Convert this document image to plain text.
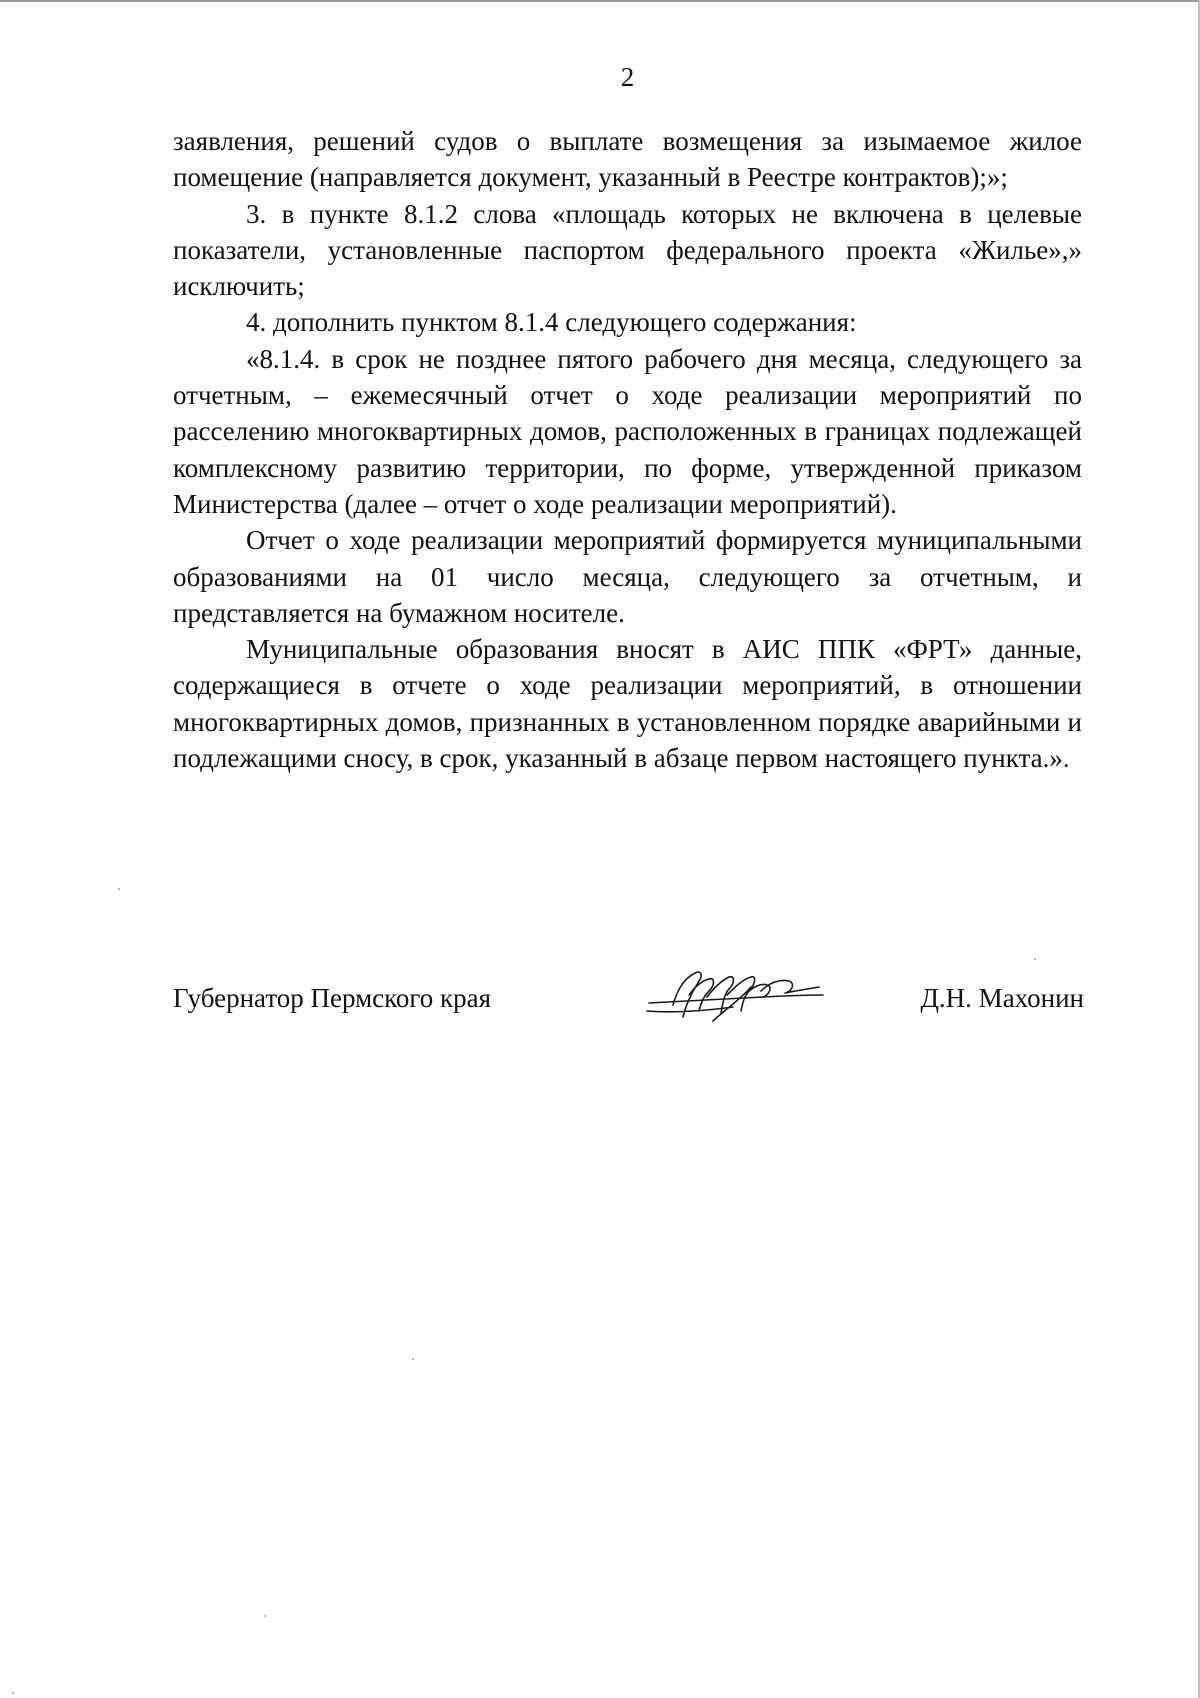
2

заявления, решений судов о выплате возмещения за изымаемое жилое помещение (направляется документ, указанный в Реестре контрактов);»;

3. в пункте 8.1.2 слова «площадь которых не включена в целевые показатели, установленные паспортом федерального проекта «Жилье»,» исключить;

4. дополнить пунктом 8.1.4 следующего содержания:

«8.1.4. в срок не позднее пятого рабочего дня месяца, следующего за отчетным, – ежемесячный отчет о ходе реализации мероприятий по расселению многоквартирных домов, расположенных в границах подлежащей комплексному развитию территории, по форме, утвержденной приказом Министерства (далее – отчет о ходе реализации мероприятий).

Отчет о ходе реализации мероприятий формируется муниципальными образованиями на 01 число месяца, следующего за отчетным, и представляется на бумажном носителе.

Муниципальные образования вносят в АИС ППК «ФРТ» данные, содержащиеся в отчете о ходе реализации мероприятий, в отношении многоквартирных домов, признанных в установленном порядке аварийными и подлежащими сносу, в срок, указанный в абзаце первом настоящего пункта.».

Губернатор Пермского края	Д.Н. Махонин
